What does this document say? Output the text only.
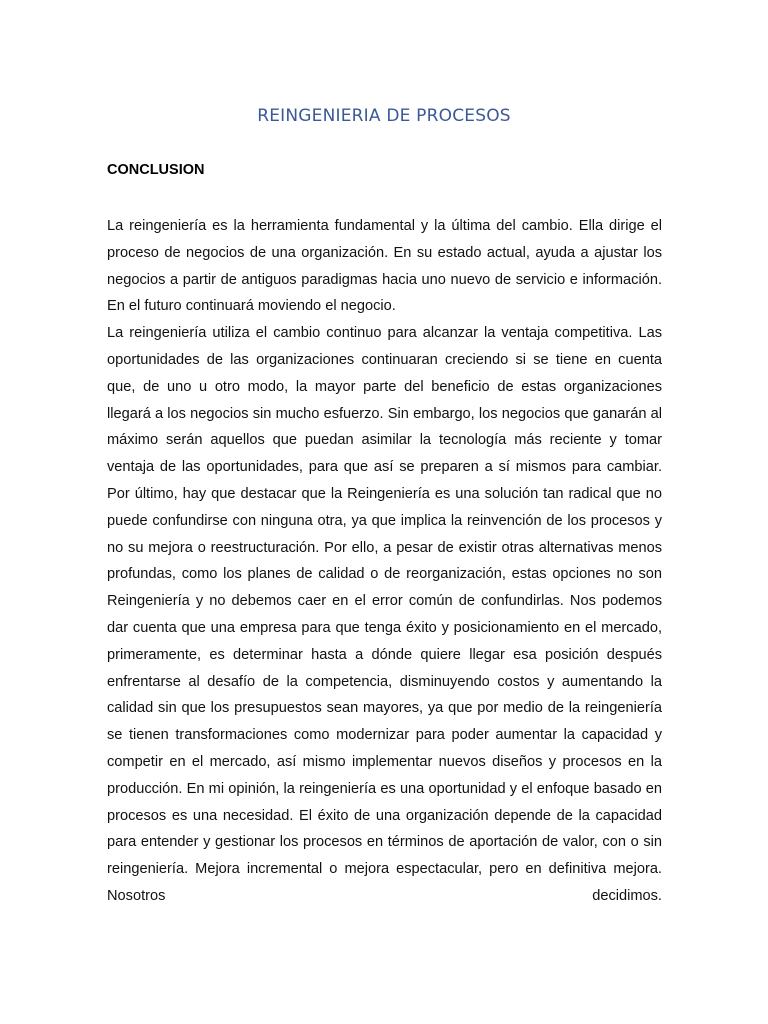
REINGENIERIA DE PROCESOS
CONCLUSION

La reingeniería es la herramienta fundamental y la última del cambio. Ella dirige el proceso de negocios de una organización. En su estado actual, ayuda a ajustar los negocios a partir de antiguos paradigmas hacia uno nuevo de servicio e información. En el futuro continuará moviendo el negocio.

La reingeniería utiliza el cambio continuo para alcanzar la ventaja competitiva. Las oportunidades de las organizaciones continuaran creciendo si se tiene en cuenta que, de uno u otro modo, la mayor parte del beneficio de estas organizaciones llegará a los negocios sin mucho esfuerzo. Sin embargo, los negocios que ganarán al máximo serán aquellos que puedan asimilar la tecnología más reciente y tomar ventaja de las oportunidades, para que así se preparen a sí mismos para cambiar. Por último, hay que destacar que la Reingeniería es una solución tan radical que no puede confundirse con ninguna otra, ya que implica la reinvención de los procesos y no su mejora o reestructuración. Por ello, a pesar de existir otras alternativas menos profundas, como los planes de calidad o de reorganización, estas opciones no son Reingeniería y no debemos caer en el error común de confundirlas. Nos podemos dar cuenta que una empresa para que tenga éxito y posicionamiento en el mercado, primeramente, es determinar hasta a dónde quiere llegar esa posición después enfrentarse al desafío de la competencia, disminuyendo costos y aumentando la calidad sin que los presupuestos sean mayores, ya que por medio de la reingeniería se tienen transformaciones como modernizar para poder aumentar la capacidad y competir en el mercado, así mismo implementar nuevos diseños y procesos en la producción. En mi opinión, la reingeniería es una oportunidad y el enfoque basado en procesos es una necesidad. El éxito de una organización depende de la capacidad para entender y gestionar los procesos en términos de aportación de valor, con o sin reingeniería. Mejora incremental o mejora espectacular, pero en definitiva mejora. Nosotros decidimos.
